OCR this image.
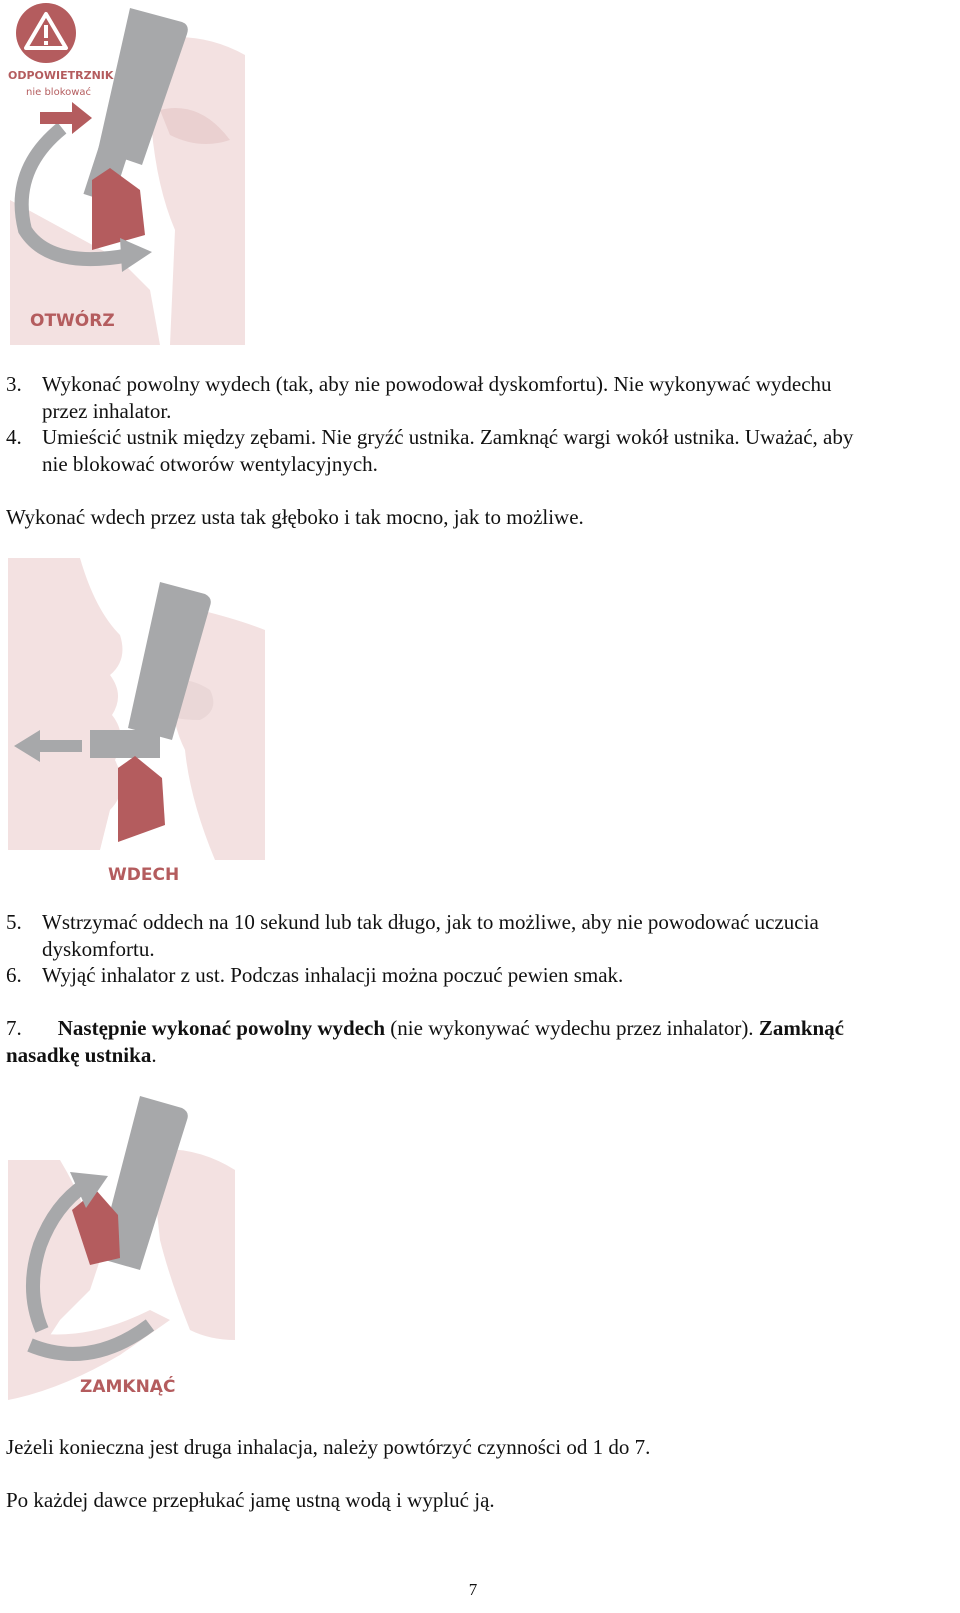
ODPOWIETRZNIK
nie blokować
OTWÓRZ
3. Wykonać powolny wydech (tak, aby nie powodował dyskomfortu). Nie wykonywać wydechu
przez inhalator.
4. Umieścić ustnik między zębami. Nie gryźć ustnika. Zamknąć wargi wokół ustnika. Uważać, aby
nie blokować otworów wentylacyjnych.
Wykonać wdech przez usta tak głęboko i tak mocno, jak to możliwe.
WDECH
5. Wstrzymać oddech na 10 sekund lub tak długo, jak to możliwe, aby nie powodować uczucia
dyskomfortu.
6. Wyjąć inhalator z ust. Podczas inhalacji można poczuć pewien smak.
7. Następnie wykonać powolny wydech (nie wykonywać wydechu przez inhalator). Zamknąć
nasadkę ustnika.
ZAMKNĄĆ
Jeżeli konieczna jest druga inhalacja, należy powtórzyć czynności od 1 do 7.
Po każdej dawce przepłukać jamę ustną wodą i wypluć ją.
7
